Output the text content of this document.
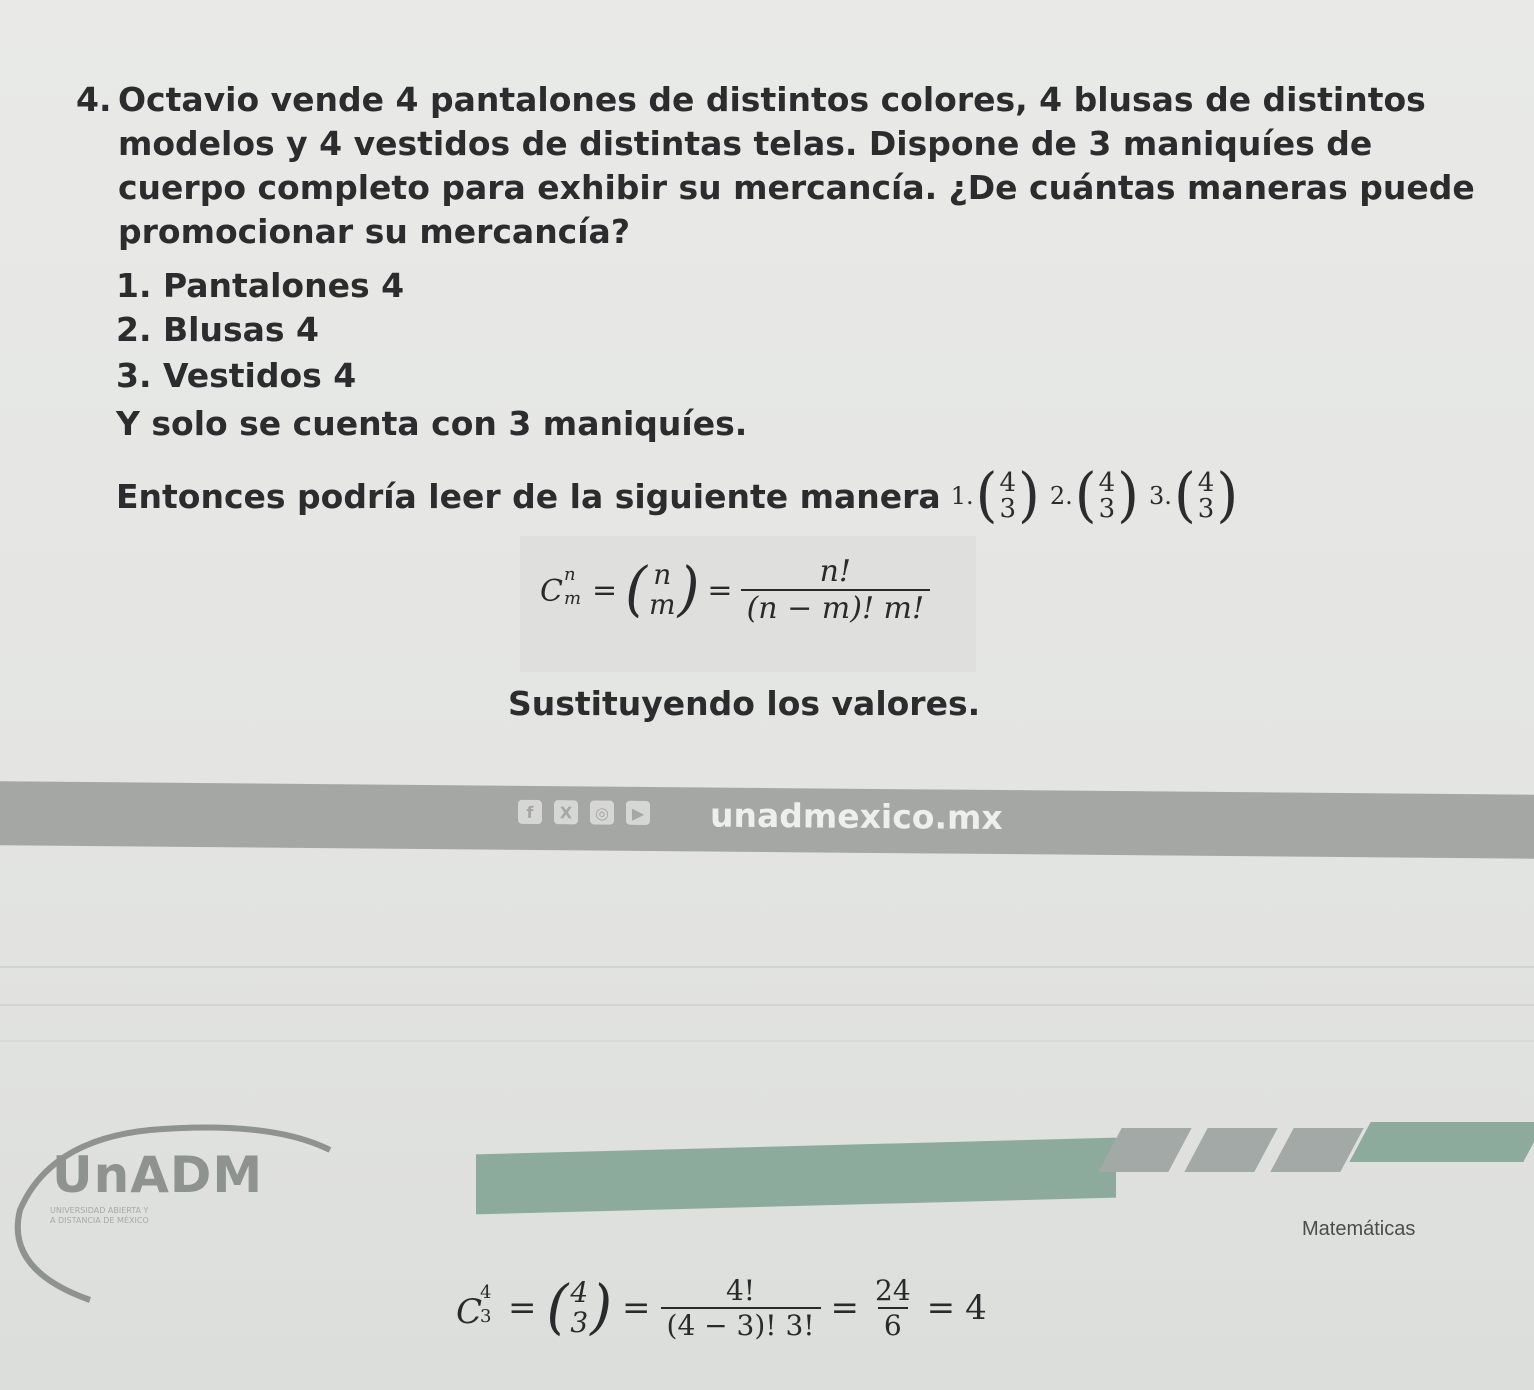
4. Octavio vende 4 pantalones de distintos colores, 4 blusas de distintos modelos y 4 vestidos de distintas telas. Dispone de 3 maniquíes de cuerpo completo para exhibir su mercancía. ¿De cuántas maneras puede promocionar su mercancía?
1. Pantalones 4
2. Blusas 4
3. Vestidos 4
Y solo se cuenta con 3 maniquíes.
Entonces podría leer de la siguiente manera 1. ( 4
3 ) 2. ( 4
3 ) 3. ( 4
3 )
C n
m = ( n
m ) = $\frac{n!}{(n - m)! m!}$
Sustituyendo los valores.
f	X	◎	▶ unadmexico.mx
UnADM
UNIVERSIDAD ABIERTA Y
A DISTANCIA DE MÉXICO	Matemáticas
C
4
3 = ( 4
3 ) = $\frac{4!}{(4 - 3)! 3!} = \frac{24}{6} = 4$
